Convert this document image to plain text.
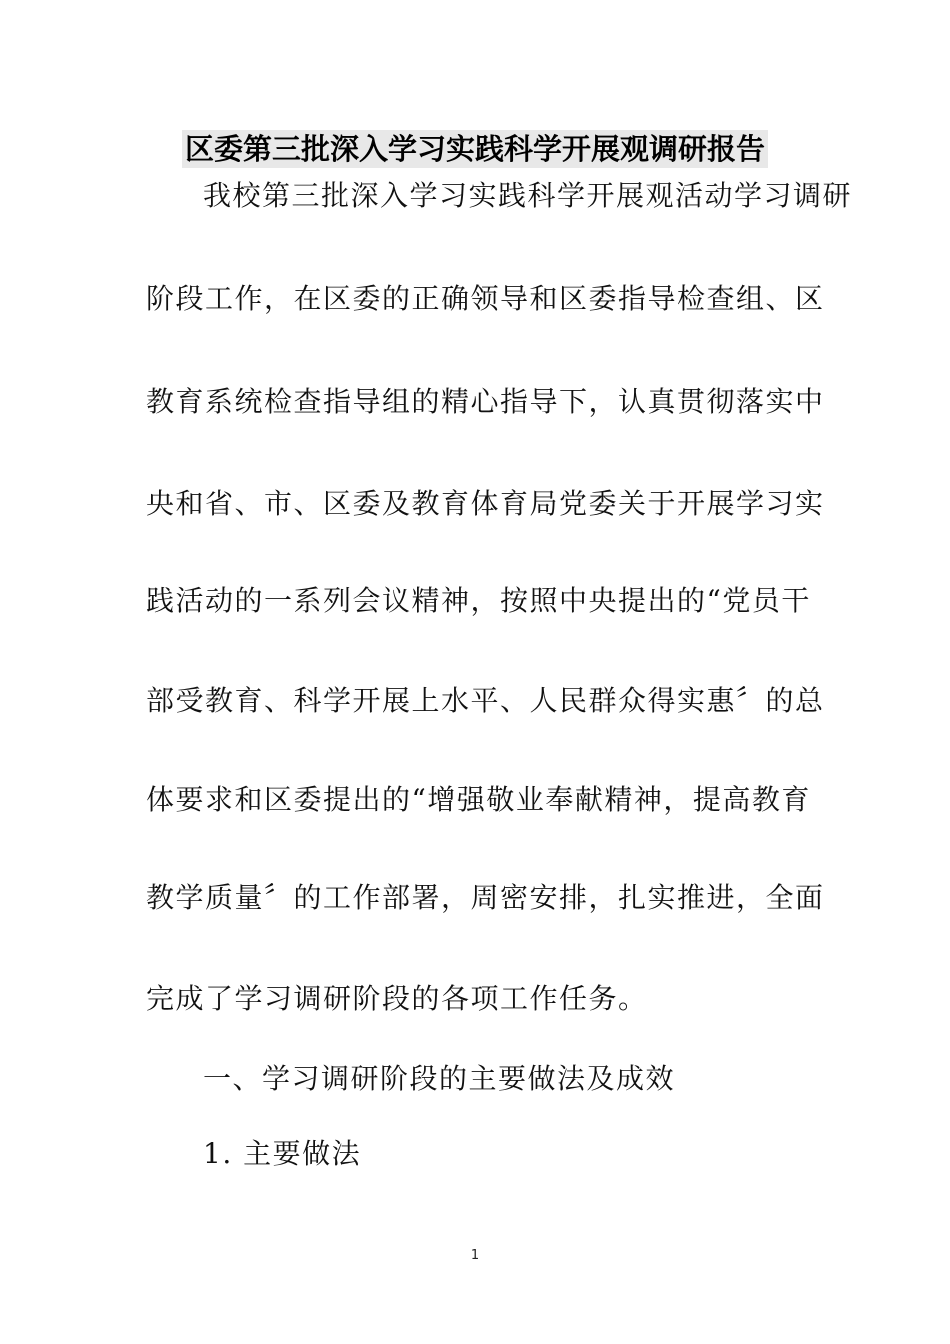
区委第三批深入学习实践科学开展观调研报告
我校第三批深入学习实践科学开展观活动学习调研
阶段工作，在区委的正确领导和区委指导检查组、区
教育系统检查指导组的精心指导下，认真贯彻落实中
央和省、市、区委及教育体育局党委关于开展学习实
践活动的一系列会议精神，按照中央提出的“党员干
部受教育、科学开展上水平、人民群众得实惠〞的总
体要求和区委提出的“增强敬业奉献精神，提高教育
教学质量〞的工作部署，周密安排，扎实推进，全面
完成了学习调研阶段的各项工作任务。
一、学习调研阶段的主要做法及成效
1. 主要做法
1
